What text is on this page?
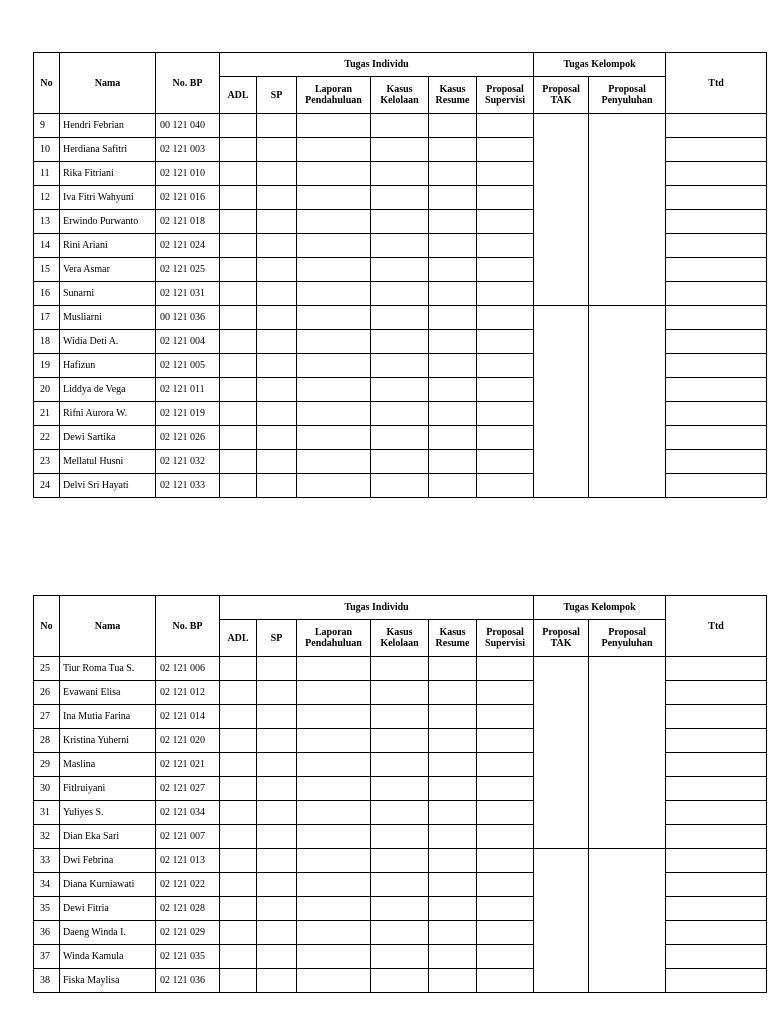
No	Nama	No. BP	Tugas Individu						Tugas Kelompok		Ttd
			ADL	SP	Laporan Pendahuluan	Kasus Kelolaan	Kasus Resume	Proposal Supervisi	Proposal TAK	Proposal Penyuluhan	
9	Hendri Febrian	00 121 040									
10	Herdiana Safitri	02 121 003									
11	Rika Fitriani	02 121 010									
12	Iva Fitri Wahyuni	02 121 016									
13	Erwindo Purwanto	02 121 018									
14	Rini Ariani	02 121 024									
15	Vera Asmar	02 121 025									
16	Sunarni	02 121 031									
17	Musliarni	00 121 036									
18	Widia Deti A.	02 121 004									
19	Hafizun	02 121 005									
20	Liddya de Vega	02 121 011									
21	Rifni Aurora W.	02 121 019									
22	Dewi Sartika	02 121 026									
23	Mellatul Husni	02 121 032									
24	Delvi Sri Hayati	02 121 033									
No	Nama	No. BP	Tugas Individu						Tugas Kelompok		Ttd
			ADL	SP	Laporan Pendahuluan	Kasus Kelolaan	Kasus Resume	Proposal Supervisi	Proposal TAK	Proposal Penyuluhan	
25	Tiur Roma Tua S.	02 121 006									
26	Evawani Elisa	02 121 012									
27	Ina Mutia Farina	02 121 014									
28	Kristina Yuherni	02 121 020									
29	Maslina	02 121 021									
30	Fitlruiyani	02 121 027									
31	Yuliyes S.	02 121 034									
32	Dian Eka Sari	02 121 007									
33	Dwi Febrina	02 121 013									
34	Diana Kurniawati	02 121 022									
35	Dewi Fitria	02 121 028									
36	Daeng Winda I.	02 121 029									
37	Winda Kamula	02 121 035									
38	Fiska Maylisa	02 121 036									
